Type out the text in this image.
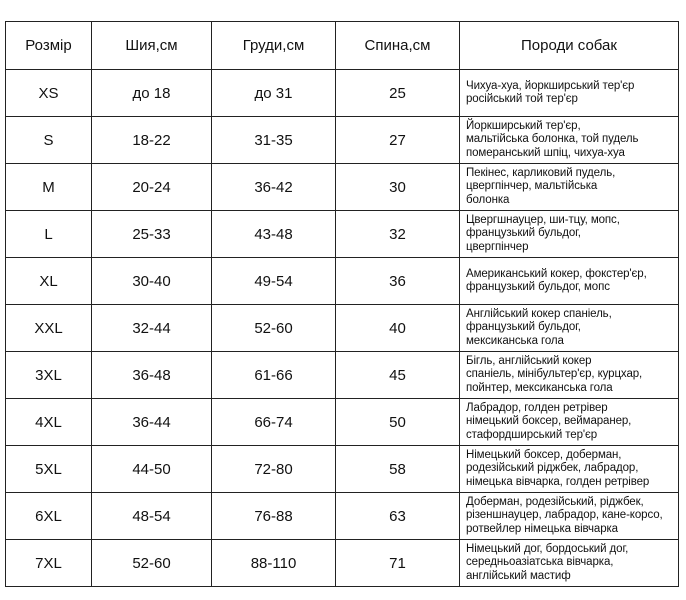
Розмір	Шия,см	Груди,см	Спина,см	Породи собак
XS	до 18	до 31	25	Чихуа-хуа, йоркширський тер'єр
російський той тер'єр
S	18-22	31-35	27	Йоркширський тер'єр,
мальтійська болонка, той пудель
померанський шпіц, чихуа-хуа
M	20-24	36-42	30	Пекінес, карликовий пудель,
цвергпінчер, мальтійська
болонка
L	25-33	43-48	32	Цвергшнауцер, ши-тцу, мопс,
французький бульдог,
цвергпінчер
XL	30-40	49-54	36	Американський кокер, фокстер'єр,
французький бульдог, мопс
XXL	32-44	52-60	40	Англійський кокер спаніель,
французький бульдог,
мексиканська гола
3XL	36-48	61-66	45	Бігль, англійський кокер
спаніель, мінібультер'єр, курцхар,
пойнтер, мексиканська гола
4XL	36-44	66-74	50	Лабрадор, голден ретрівер
німецький боксер, веймаранер,
стафордширський тер'єр
5XL	44-50	72-80	58	Німецький боксер, доберман,
родезійський ріджбек, лабрадор,
німецька вівчарка, голден ретрівер
6XL	48-54	76-88	63	Доберман, родезійський, ріджбек,
різеншнауцер, лабрадор, кане-корсо,
ротвейлер німецька вівчарка
7XL	52-60	88-110	71	Німецький дог, бордоський дог,
середньоазіатська вівчарка,
англійський мастиф
